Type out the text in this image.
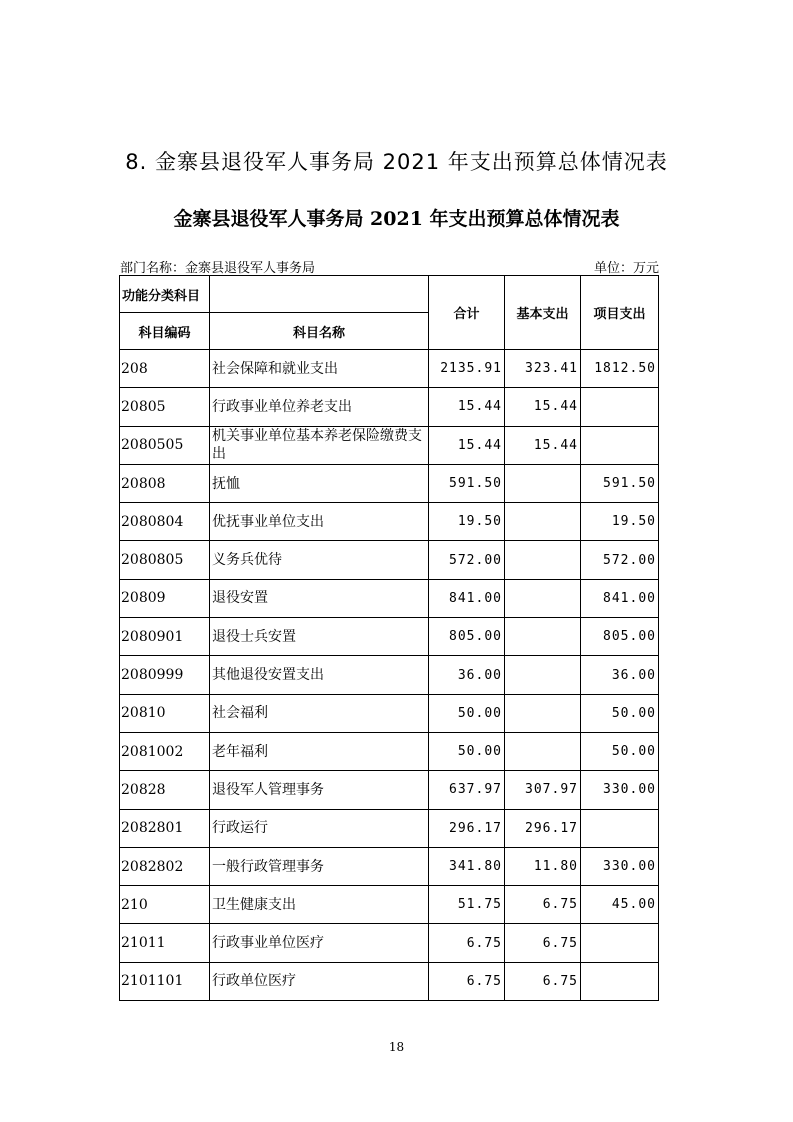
8. 金寨县退役军人事务局 2021 年支出预算总体情况表
金寨县退役军人事务局 2021 年支出预算总体情况表
部门名称：金寨县退役军人事务局	单位：万元
功能分类科目		合计	基本支出	项目支出
科目编码	科目名称			
208	社会保障和就业支出	2135.91	323.41	1812.50
20805	行政事业单位养老支出	15.44	15.44	
2080505	机关事业单位基本养老保险缴费支出	15.44	15.44	
20808	抚恤	591.50		591.50
2080804	优抚事业单位支出	19.50		19.50
2080805	义务兵优待	572.00		572.00
20809	退役安置	841.00		841.00
2080901	退役士兵安置	805.00		805.00
2080999	其他退役安置支出	36.00		36.00
20810	社会福利	50.00		50.00
2081002	老年福利	50.00		50.00
20828	退役军人管理事务	637.97	307.97	330.00
2082801	行政运行	296.17	296.17	
2082802	一般行政管理事务	341.80	11.80	330.00
210	卫生健康支出	51.75	6.75	45.00
21011	行政事业单位医疗	6.75	6.75	
2101101	行政单位医疗	6.75	6.75	
18
